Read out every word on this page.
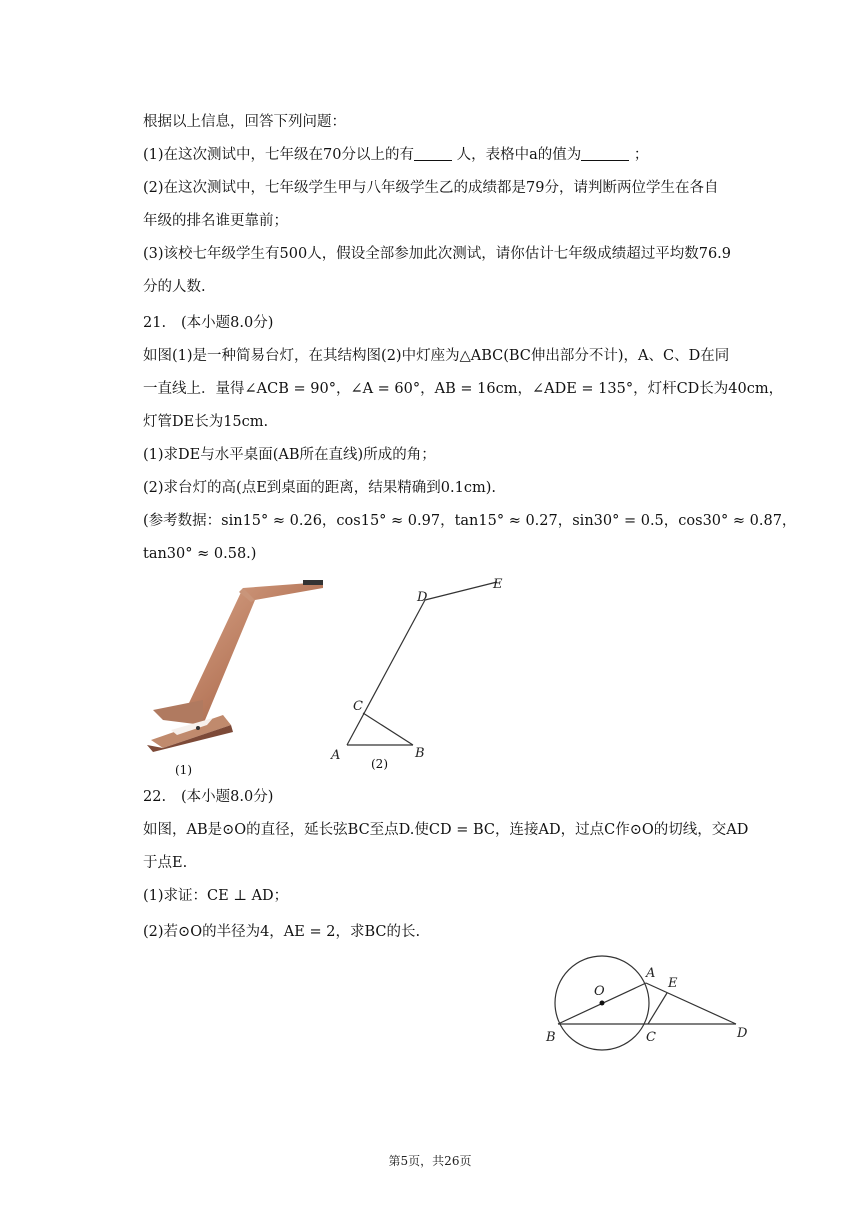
根据以上信息，回答下列问题：
(1)在这次测试中，七年级在70分以上的有	人，表格中a的值为	；
(2)在这次测试中，七年级学生甲与八年级学生乙的成绩都是79分，请判断两位学生在各自
年级的排名谁更靠前；
(3)该校七年级学生有500人，假设全部参加此次测试，请你估计七年级成绩超过平均数76.9
分的人数.
21. (本小题8.0分)
如图(1)是一种简易台灯，在其结构图(2)中灯座为△ABC(BC伸出部分不计)，A、C、D在同
一直线上．量得∠ACB = 90°，∠A = 60°，AB = 16cm，∠ADE = 135°，灯杆CD长为40cm，
灯管DE长为15cm.
(1)求DE与水平桌面(AB所在直线)所成的角；
(2)求台灯的高(点E到桌面的距离，结果精确到0.1cm).
(参考数据：sin15° ≈ 0.26，cos15° ≈ 0.97，tan15° ≈ 0.27，sin30° = 0.5，cos30° ≈ 0.87，
tan30° ≈ 0.58.)
(1)
D
E
C
A	B
(2)
22. (本小题8.0分)
如图，AB是⊙O的直径，延长弦BC至点D.使CD = BC，连接AD，过点C作⊙O的切线，交AD
于点E.
(1)求证：CE ⊥ AD；
(2)若⊙O的半径为4，AE = 2，求BC的长.
O
A
E
B	C	D
第5页，共26页
